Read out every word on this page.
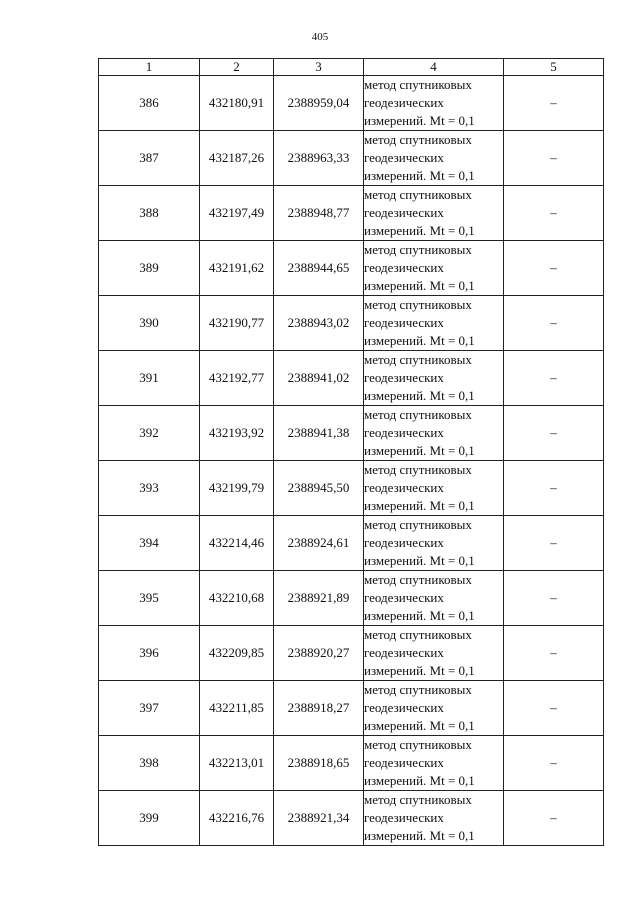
405
1	2	3	4	5
386	432180,91	2388959,04	метод спутниковых
геодезических
измерений. Mt = 0,1	–
387	432187,26	2388963,33	метод спутниковых
геодезических
измерений. Mt = 0,1	–
388	432197,49	2388948,77	метод спутниковых
геодезических
измерений. Mt = 0,1	–
389	432191,62	2388944,65	метод спутниковых
геодезических
измерений. Mt = 0,1	–
390	432190,77	2388943,02	метод спутниковых
геодезических
измерений. Mt = 0,1	–
391	432192,77	2388941,02	метод спутниковых
геодезических
измерений. Mt = 0,1	–
392	432193,92	2388941,38	метод спутниковых
геодезических
измерений. Mt = 0,1	–
393	432199,79	2388945,50	метод спутниковых
геодезических
измерений. Mt = 0,1	–
394	432214,46	2388924,61	метод спутниковых
геодезических
измерений. Mt = 0,1	–
395	432210,68	2388921,89	метод спутниковых
геодезических
измерений. Mt = 0,1	–
396	432209,85	2388920,27	метод спутниковых
геодезических
измерений. Mt = 0,1	–
397	432211,85	2388918,27	метод спутниковых
геодезических
измерений. Mt = 0,1	–
398	432213,01	2388918,65	метод спутниковых
геодезических
измерений. Mt = 0,1	–
399	432216,76	2388921,34	метод спутниковых
геодезических
измерений. Mt = 0,1	–
